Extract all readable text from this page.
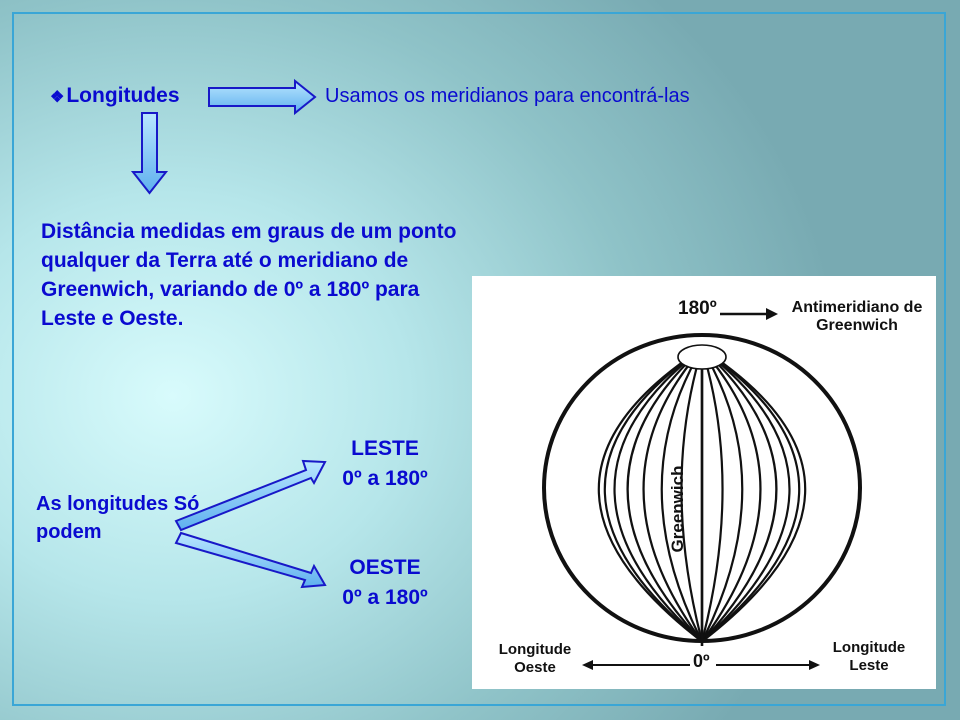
❖Longitudes	Usamos os meridianos para encontrá-las
Distância medidas em graus de um ponto qualquer da Terra até o meridiano de Greenwich, variando de 0º a 180º para Leste e Oeste.
As longitudes Só podem
LESTE
0º a 180º
OESTE
0º a 180º
180º	Antimeridiano de Greenwich
Greenwich
0º
Longitude Oeste
Longitude Leste
